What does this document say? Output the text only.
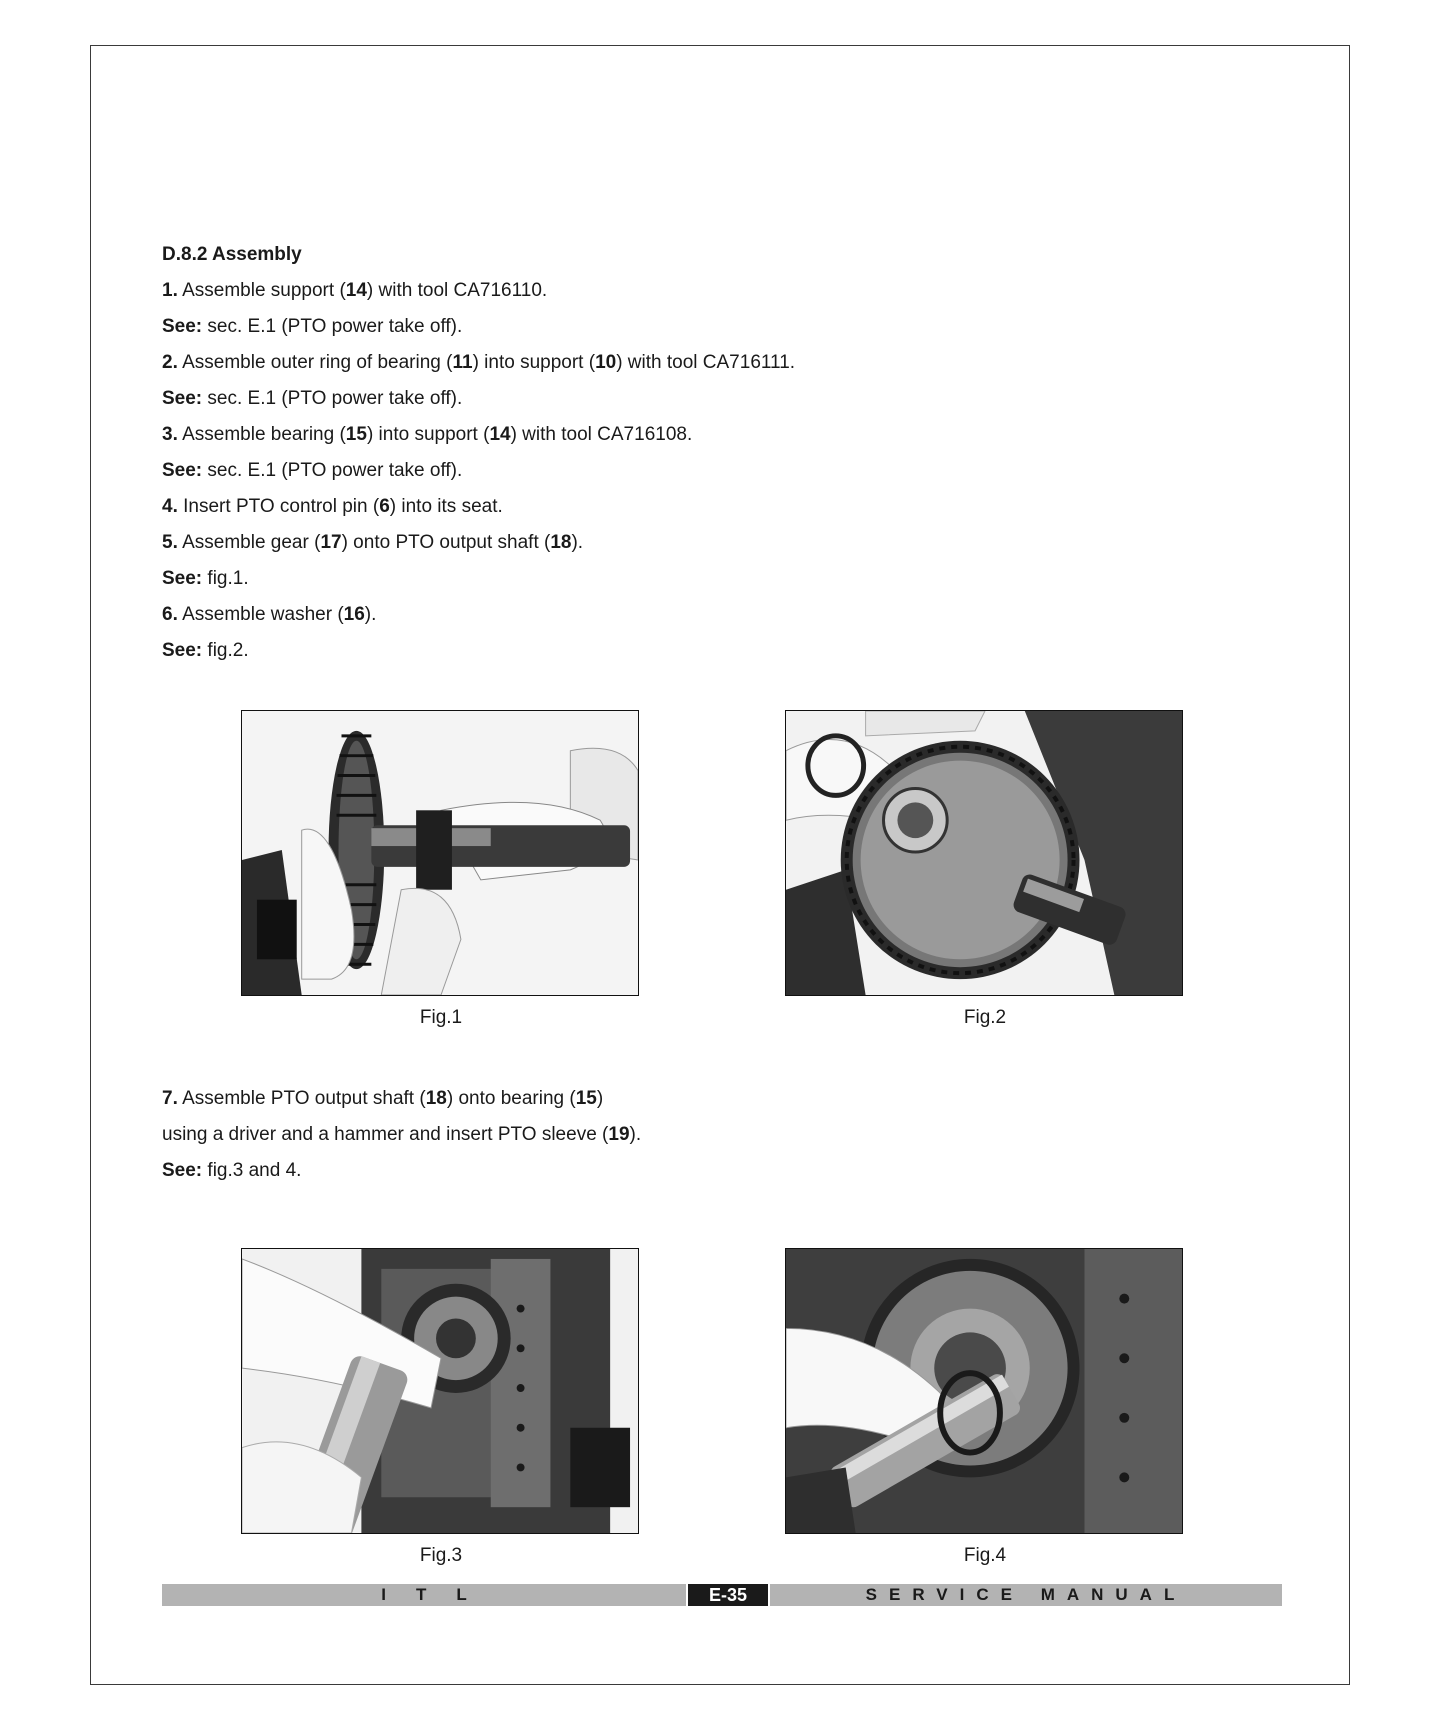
D.8.2 Assembly

1. Assemble support (14) with tool CA716110.

See: sec. E.1 (PTO power take off).

2. Assemble outer ring of bearing (11) into support (10) with tool CA716111.

See: sec. E.1 (PTO power take off).

3. Assemble bearing (15) into support (14) with tool CA716108.

See: sec. E.1 (PTO power take off).

4. Insert PTO control pin (6) into its seat.

5. Assemble gear (17) onto PTO output shaft (18).

See: fig.1.

6. Assemble washer (16).

See: fig.2.

Fig.1	Fig.2

7. Assemble PTO output shaft (18) onto bearing (15)

using a driver and a hammer and insert PTO sleeve (19).

See: fig.3 and 4.

Fig.3	Fig.4
ITL	E-35	SERVICE MANUAL
